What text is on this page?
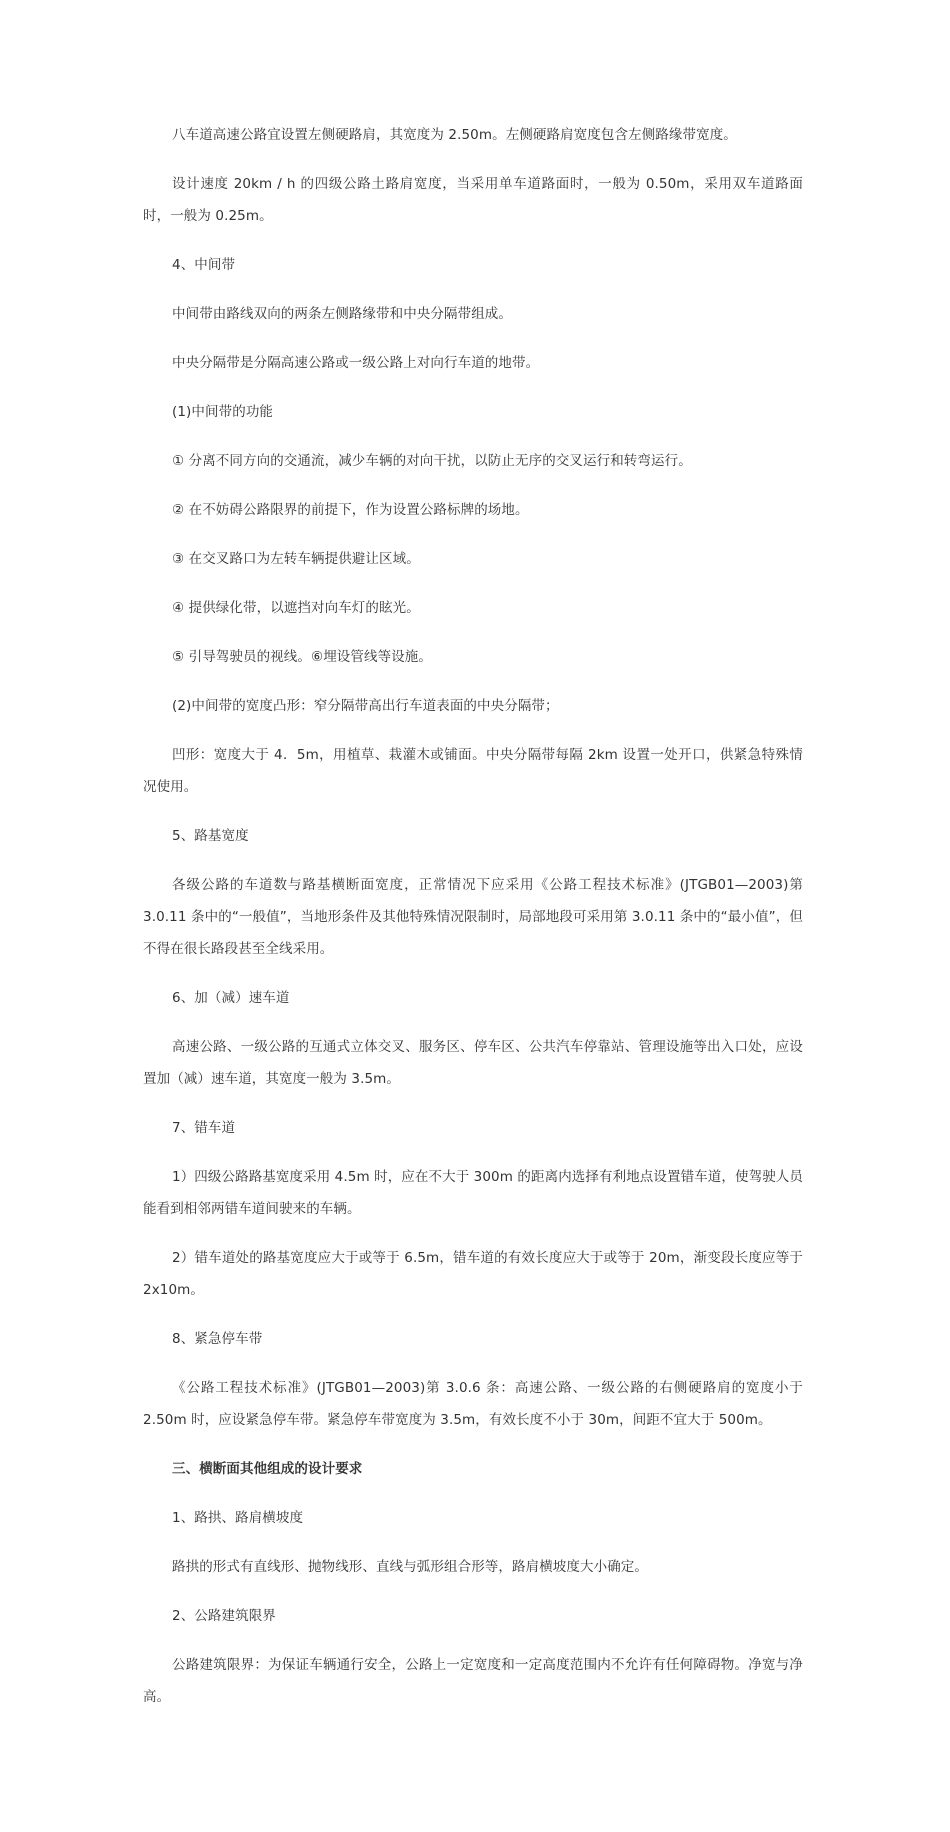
八车道高速公路宜设置左侧硬路肩，其宽度为 2.50m。左侧硬路肩宽度包含左侧路缘带宽度。

设计速度 20km / h 的四级公路土路肩宽度，当采用单车道路面时，一般为 0.50m，采用双车道路面时，一般为 0.25m。

4、中间带

中间带由路线双向的两条左侧路缘带和中央分隔带组成。

中央分隔带是分隔高速公路或一级公路上对向行车道的地带。

(1)中间带的功能

① 分离不同方向的交通流，减少车辆的对向干扰，以防止无序的交叉运行和转弯运行。

② 在不妨碍公路限界的前提下，作为设置公路标牌的场地。

③ 在交叉路口为左转车辆提供避让区域。

④ 提供绿化带，以遮挡对向车灯的眩光。

⑤ 引导驾驶员的视线。⑥埋设管线等设施。

(2)中间带的宽度凸形：窄分隔带高出行车道表面的中央分隔带；

凹形：宽度大于 4．5m，用植草、栽灌木或铺面。中央分隔带每隔 2km 设置一处开口，供紧急特殊情况使用。

5、路基宽度

各级公路的车道数与路基横断面宽度，正常情况下应采用《公路工程技术标准》(JTGB01—2003)第 3.0.11 条中的“一般值”，当地形条件及其他特殊情况限制时，局部地段可采用第 3.0.11 条中的“最小值”，但不得在很长路段甚至全线采用。

6、加（减）速车道

高速公路、一级公路的互通式立体交叉、服务区、停车区、公共汽车停靠站、管理设施等出入口处，应设置加（减）速车道，其宽度一般为 3.5m。

7、错车道

1）四级公路路基宽度采用 4.5m 时，应在不大于 300m 的距离内选择有利地点设置错车道，使驾驶人员能看到相邻两错车道间驶来的车辆。

2）错车道处的路基宽度应大于或等于 6.5m，错车道的有效长度应大于或等于 20m，渐变段长度应等于 2x10m。

8、紧急停车带

《公路工程技术标准》(JTGB01—2003)第 3.0.6 条：高速公路、一级公路的右侧硬路肩的宽度小于 2.50m 时，应设紧急停车带。紧急停车带宽度为 3.5m，有效长度不小于 30m，间距不宜大于 500m。

三、横断面其他组成的设计要求

1、路拱、路肩横坡度

路拱的形式有直线形、抛物线形、直线与弧形组合形等，路肩横坡度大小确定。

2、公路建筑限界

公路建筑限界：为保证车辆通行安全，公路上一定宽度和一定高度范围内不允许有任何障碍物。净宽与净高。
